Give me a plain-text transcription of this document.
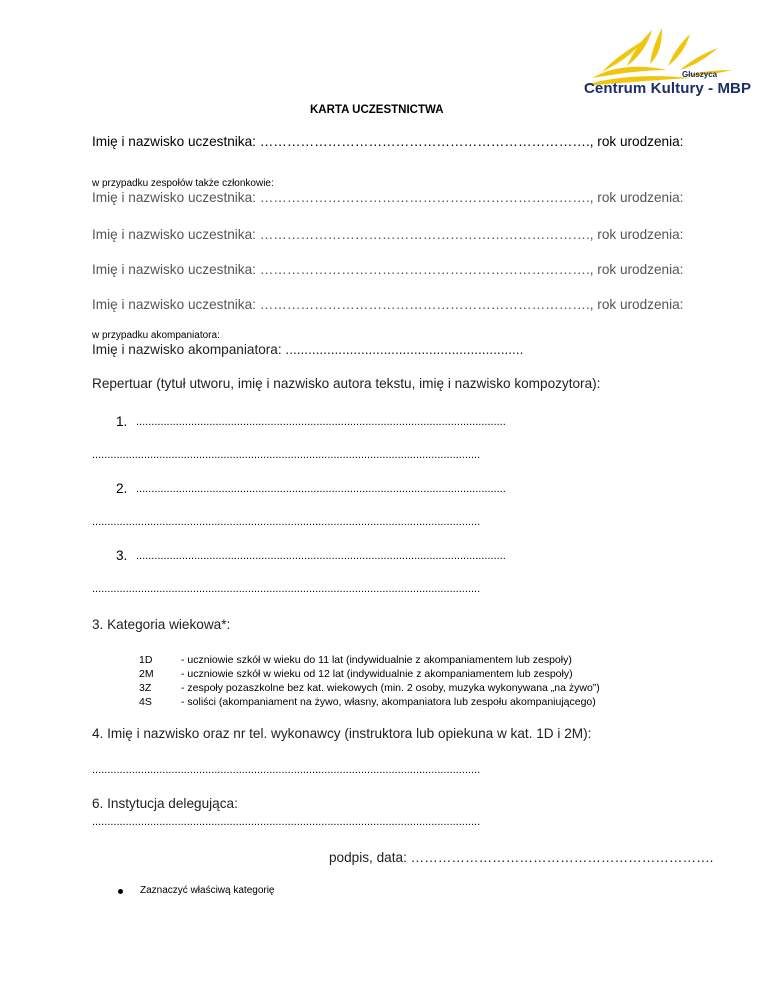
Głuszyca
Centrum Kultury - MBP
KARTA UCZESTNICTWA
Imię i nazwisko uczestnika: ………………………………………………………………., rok urodzenia:
w przypadku zespołów także członkowie:
Imię i nazwisko uczestnika: ………………………………………………………………., rok urodzenia:
Imię i nazwisko uczestnika: ………………………………………………………………., rok urodzenia:
Imię i nazwisko uczestnika: ………………………………………………………………., rok urodzenia:
Imię i nazwisko uczestnika: ………………………………………………………………., rok urodzenia:
w przypadku akompaniatora:
Imię i nazwisko akompaniatora: ...............................................................
Repertuar (tytuł utworu, imię i nazwisko autora tekstu, imię i nazwisko kompozytora):
1. .........................................................................................................................
...............................................................................................................................
2. .........................................................................................................................
...............................................................................................................................
3. .........................................................................................................................
...............................................................................................................................
3. Kategoria wiekowa*:
1D	- uczniowie szkół w wieku do 11 lat (indywidualnie z akompaniamentem lub zespoły)
2M	- uczniowie szkół w wieku od 12 lat (indywidualnie z akompaniamentem lub zespoły)
3Z	- zespoły pozaszkolne bez kat. wiekowych (min. 2 osoby, muzyka wykonywana „na żywo”)
4S	- soliści (akompaniament na żywo, własny, akompaniatora lub zespołu akompaniującego)
4. Imię i nazwisko oraz nr tel. wykonawcy (instruktora lub opiekuna w kat. 1D i 2M):
...............................................................................................................................
6. Instytucja delegująca:
...............................................................................................................................
podpis, data: ………………………………………………………….
Zaznaczyć właściwą kategorię
